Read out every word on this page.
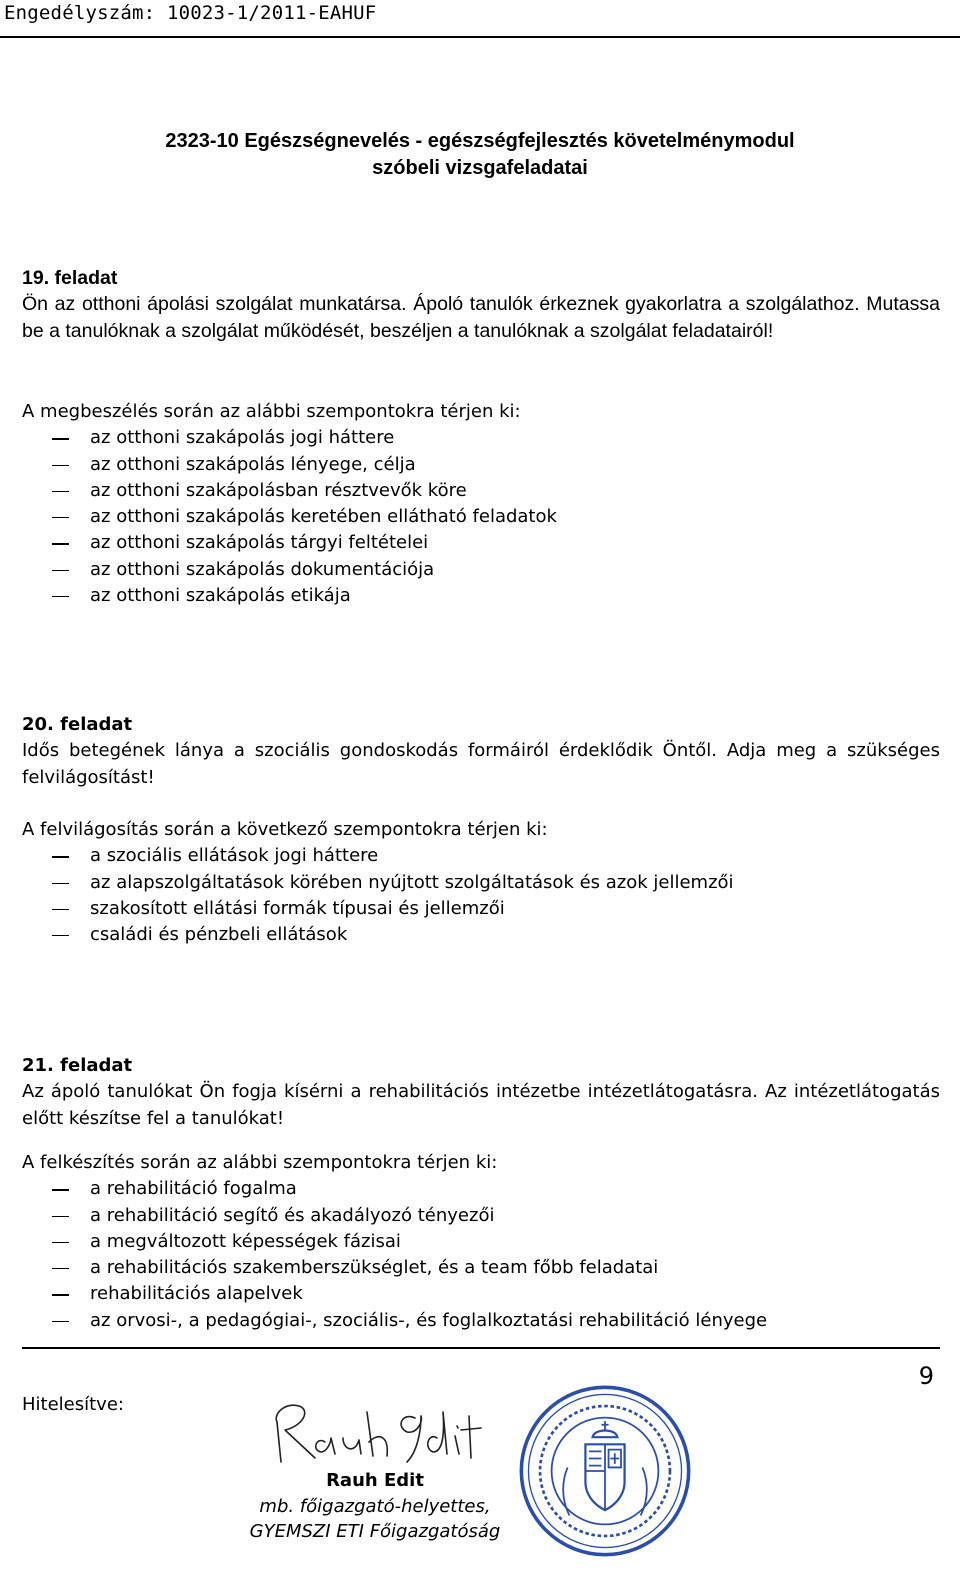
Engedélyszám: 10023-1/2011-EAHUF
2323-10 Egészségnevelés - egészségfejlesztés követelménymodul
szóbeli vizsgafeladatai
19. feladat
Ön az otthoni ápolási szolgálat munkatársa. Ápoló tanulók érkeznek gyakorlatra a szolgálathoz. Mutassa be a tanulóknak a szolgálat működését, beszéljen a tanulóknak a szolgálat feladatairól!
A megbeszélés során az alábbi szempontokra térjen ki:
az otthoni szakápolás jogi háttere
az otthoni szakápolás lényege, célja
az otthoni szakápolásban résztvevők köre
az otthoni szakápolás keretében ellátható feladatok
az otthoni szakápolás tárgyi feltételei
az otthoni szakápolás dokumentációja
az otthoni szakápolás etikája
20. feladat
Idős betegének lánya a szociális gondoskodás formáiról érdeklődik Öntől. Adja meg a szükséges felvilágosítást!
A felvilágosítás során a következő szempontokra térjen ki:
a szociális ellátások jogi háttere
az alapszolgáltatások körében nyújtott szolgáltatások és azok jellemzői
szakosított ellátási formák típusai és jellemzői
családi és pénzbeli ellátások
21. feladat
Az ápoló tanulókat Ön fogja kísérni a rehabilitációs intézetbe intézetlátogatásra. Az intézetlátogatás előtt készítse fel a tanulókat!
A felkészítés során az alábbi szempontokra térjen ki:
a rehabilitáció fogalma
a rehabilitáció segítő és akadályozó tényezői
a megváltozott képességek fázisai
a rehabilitációs szakemberszükséglet, és a team főbb feladatai
rehabilitációs alapelvek
az orvosi-, a pedagógiai-, szociális-, és foglalkoztatási rehabilitáció lényege
9
Hitelesítve:
Rauh Edit
mb. főigazgató-helyettes,
GYEMSZI ETI Főigazgatóság
